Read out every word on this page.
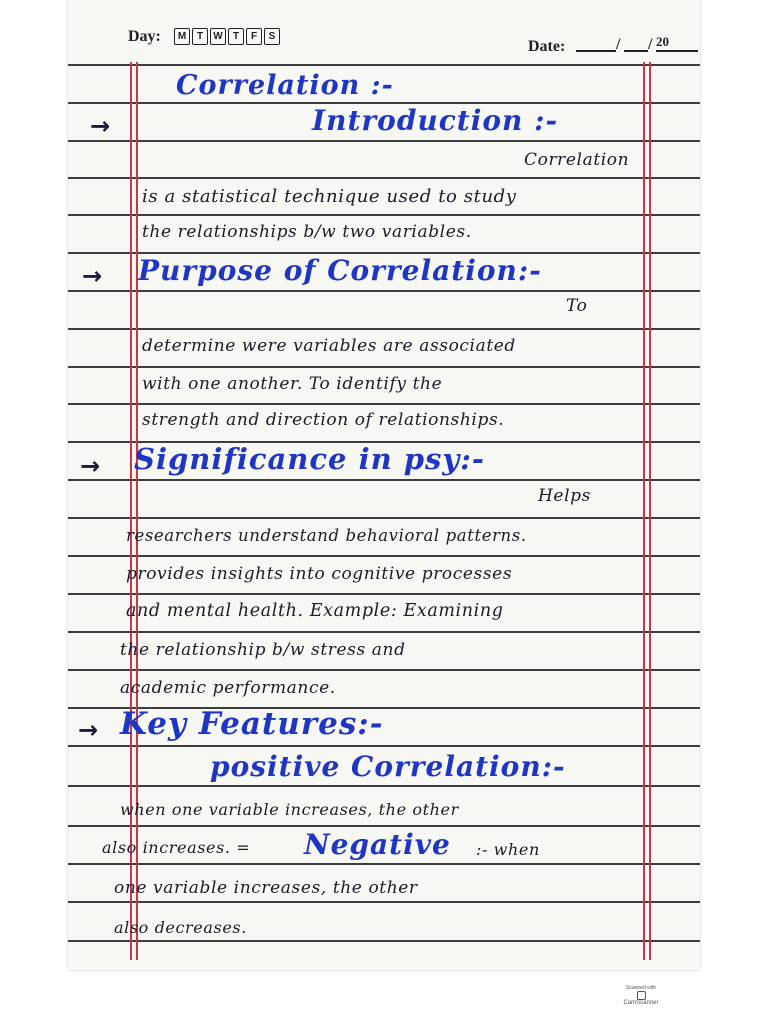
Day:	M	T	W	T	F	S
Date:	/ / 20
Correlation :-
→	Introduction :-
Correlation
is a statistical technique used to study
the relationships b/w two variables.
→ Purpose of Correlation:-
To
determine were variables are associated
with one another. To identify the
strength and direction of relationships.
→ Significance in psy:-
Helps
researchers understand behavioral patterns.
provides insights into cognitive processes
and mental health. Example: Examining
the relationship b/w stress and
academic performance.
→ Key Features:-
positive Correlation:-
when one variable increases, the other
also increases. = Negative :- when
one variable increases, the other
also decreases.
Scanned with
CamScanner
